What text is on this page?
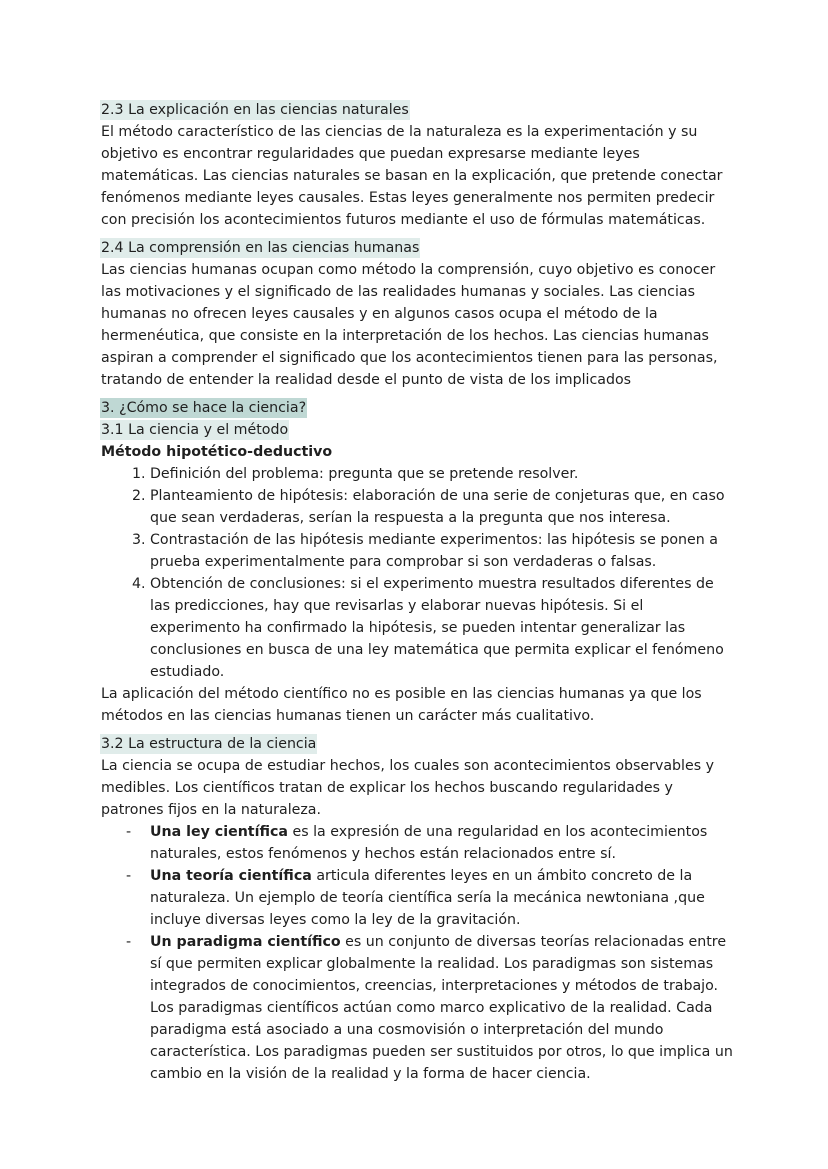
2.3 La explicación en las ciencias naturales

El método característico de las ciencias de la naturaleza es la experimentación y su objetivo es encontrar regularidades que puedan expresarse mediante leyes matemáticas. Las ciencias naturales se basan en la explicación, que pretende conectar fenómenos mediante leyes causales. Estas leyes generalmente nos permiten predecir con precisión los acontecimientos futuros mediante el uso de fórmulas matemáticas.

2.4 La comprensión en las ciencias humanas

Las ciencias humanas ocupan como método la comprensión, cuyo objetivo es conocer las motivaciones y el significado de las realidades humanas y sociales. Las ciencias humanas no ofrecen leyes causales y en algunos casos ocupa el método de la hermenéutica, que consiste en la interpretación de los hechos. Las ciencias humanas aspiran a comprender el significado que los acontecimientos tienen para las personas, tratando de entender la realidad desde el punto de vista de los implicados

3. ¿Cómo se hace la ciencia?

3.1 La ciencia y el método

Método hipotético-deductivo

1. Definición del problema: pregunta que se pretende resolver.
2. Planteamiento de hipótesis: elaboración de una serie de conjeturas que, en caso que sean verdaderas, serían la respuesta a la pregunta que nos interesa.
3. Contrastación de las hipótesis mediante experimentos: las hipótesis se ponen a prueba experimentalmente para comprobar si son verdaderas o falsas.
4. Obtención de conclusiones: si el experimento muestra resultados diferentes de las predicciones, hay que revisarlas y elaborar nuevas hipótesis. Si el experimento ha confirmado la hipótesis, se pueden intentar generalizar las conclusiones en busca de una ley matemática que permita explicar el fenómeno estudiado.

La aplicación del método científico no es posible en las ciencias humanas ya que los métodos en las ciencias humanas tienen un carácter más cualitativo.

3.2 La estructura de la ciencia

La ciencia se ocupa de estudiar hechos, los cuales son acontecimientos observables y medibles. Los científicos tratan de explicar los hechos buscando regularidades y patrones fijos en la naturaleza.

- Una ley científica es la expresión de una regularidad en los acontecimientos naturales, estos fenómenos y hechos están relacionados entre sí.
- Una teoría científica articula diferentes leyes en un ámbito concreto de la naturaleza. Un ejemplo de teoría científica sería la mecánica newtoniana ,que incluye diversas leyes como la ley de la gravitación.
- Un paradigma científico es un conjunto de diversas teorías relacionadas entre sí que permiten explicar globalmente la realidad. Los paradigmas son sistemas integrados de conocimientos, creencias, interpretaciones y métodos de trabajo. Los paradigmas científicos actúan como marco explicativo de la realidad. Cada paradigma está asociado a una cosmovisión o interpretación del mundo característica. Los paradigmas pueden ser sustituidos por otros, lo que implica un cambio en la visión de la realidad y la forma de hacer ciencia.
